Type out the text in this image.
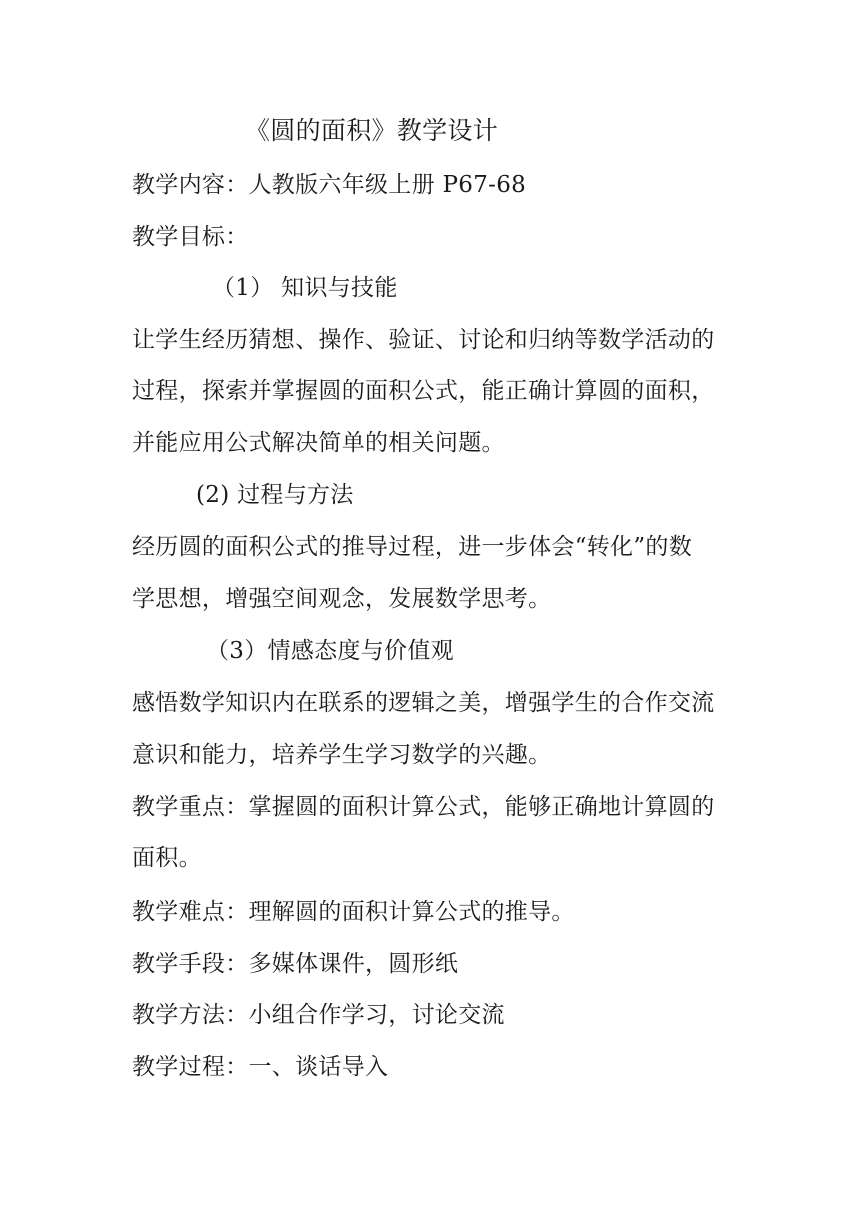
《圆的面积》教学设计
教学内容：人教版六年级上册 P67-68
教学目标：
（1） 知识与技能
让学生经历猜想、操作、验证、讨论和归纳等数学活动的
过程，探索并掌握圆的面积公式，能正确计算圆的面积，
并能应用公式解决简单的相关问题。
(2) 过程与方法
经历圆的面积公式的推导过程，进一步体会“转化”的数
学思想，增强空间观念，发展数学思考。
（3）情感态度与价值观
感悟数学知识内在联系的逻辑之美，增强学生的合作交流
意识和能力，培养学生学习数学的兴趣。
教学重点：掌握圆的面积计算公式，能够正确地计算圆的
面积。
教学难点：理解圆的面积计算公式的推导。
教学手段：多媒体课件，圆形纸
教学方法：小组合作学习，讨论交流
教学过程：一、谈话导入
